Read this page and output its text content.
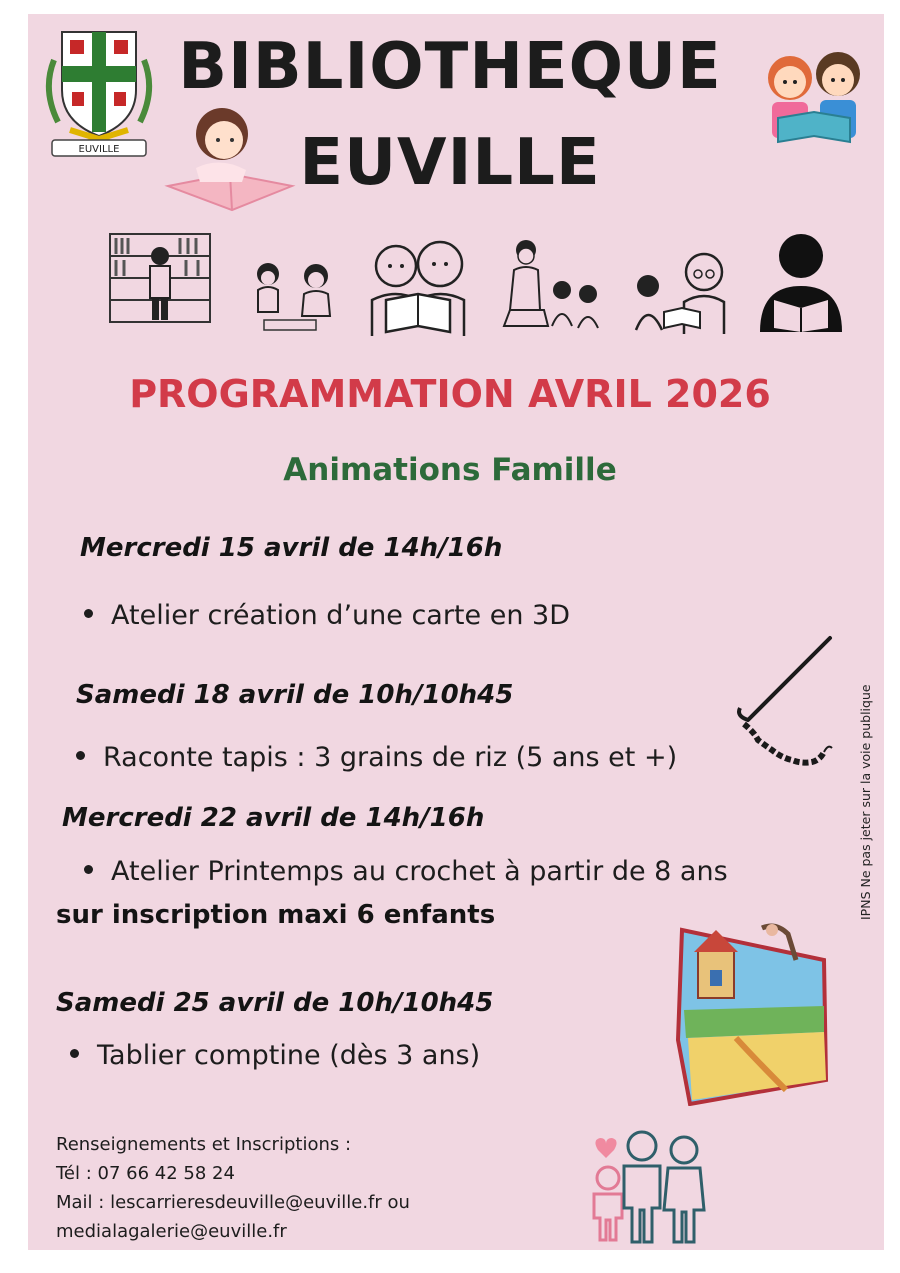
EUVILLE
BIBLIOTHEQUE
EUVILLE
PROGRAMMATION AVRIL 2026
Animations Famille
Mercredi 15 avril de 14h/16h
Atelier création d’une carte en 3D
Samedi 18 avril de 10h/10h45
Raconte tapis : 3 grains de riz (5 ans et +)
Mercredi 22 avril de 14h/16h
Atelier Printemps au crochet à partir de 8 ans
sur inscription maxi 6 enfants
Samedi 25 avril de 10h/10h45
Tablier comptine (dès 3 ans)
Renseignements et Inscriptions :
Tél : 07 66 42 58 24
Mail : lescarrieresdeuville@euville.fr ou
medialagalerie@euville.fr
IPNS Ne pas jeter sur la voie publique
